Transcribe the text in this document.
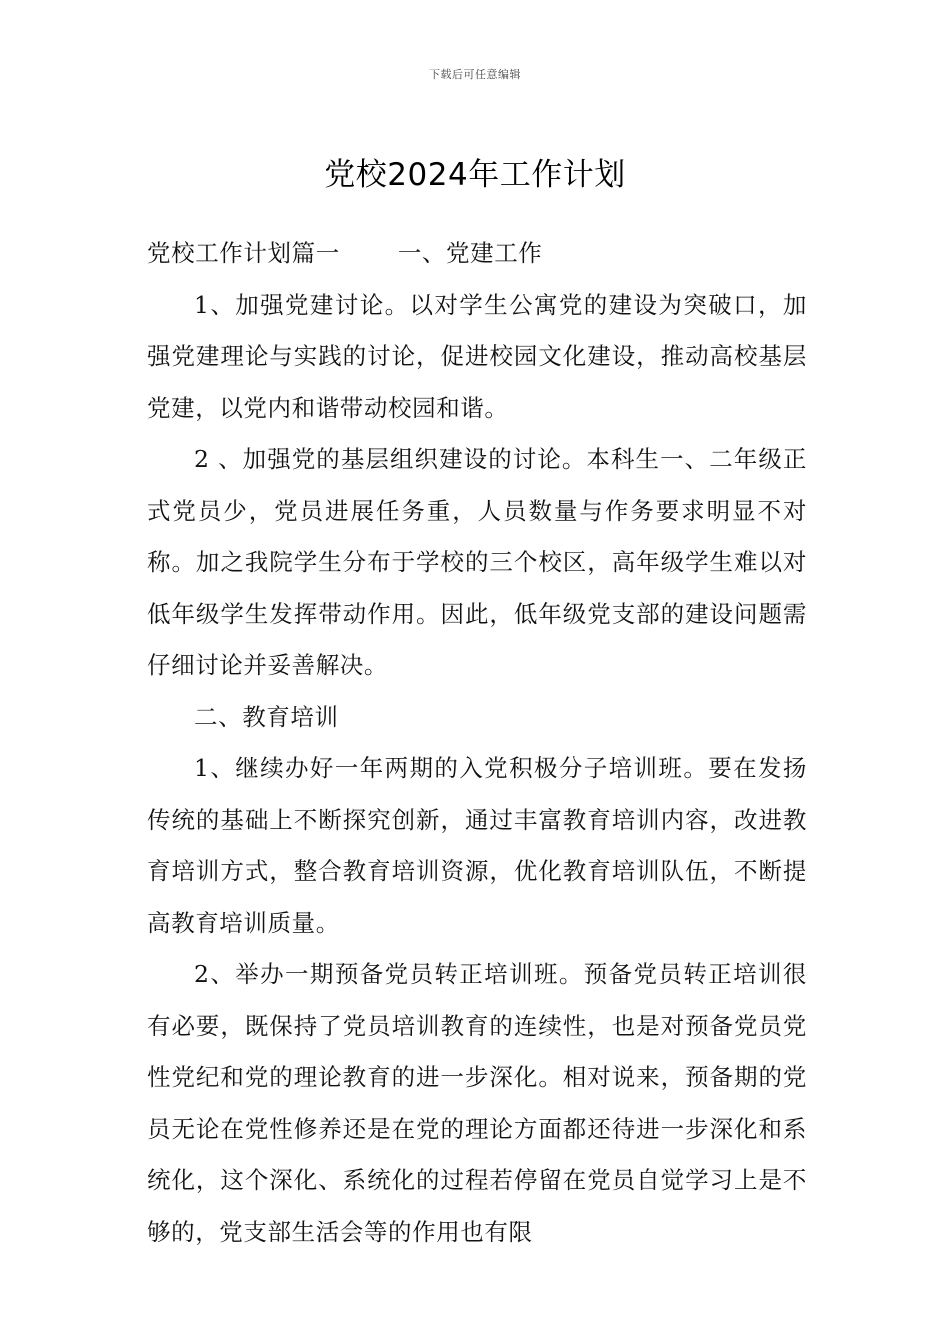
下载后可任意编辑
党校2024年工作计划

党校工作计划篇一 一、党建工作

1、加强党建讨论。以对学生公寓党的建设为突破口，加强党建理论与实践的讨论，促进校园文化建设，推动高校基层党建，以党内和谐带动校园和谐。

2 、加强党的基层组织建设的讨论。本科生一、二年级正式党员少，党员进展任务重，人员数量与作务要求明显不对称。加之我院学生分布于学校的三个校区，高年级学生难以对低年级学生发挥带动作用。因此，低年级党支部的建设问题需仔细讨论并妥善解决。

二、教育培训

1、继续办好一年两期的入党积极分子培训班。要在发扬传统的基础上不断探究创新，通过丰富教育培训内容，改进教育培训方式，整合教育培训资源，优化教育培训队伍，不断提高教育培训质量。

2、举办一期预备党员转正培训班。预备党员转正培训很有必要，既保持了党员培训教育的连续性，也是对预备党员党性党纪和党的理论教育的进一步深化。相对说来，预备期的党员无论在党性修养还是在党的理论方面都还待进一步深化和系统化，这个深化、系统化的过程若停留在党员自觉学习上是不够的，党支部生活会等的作用也有限
